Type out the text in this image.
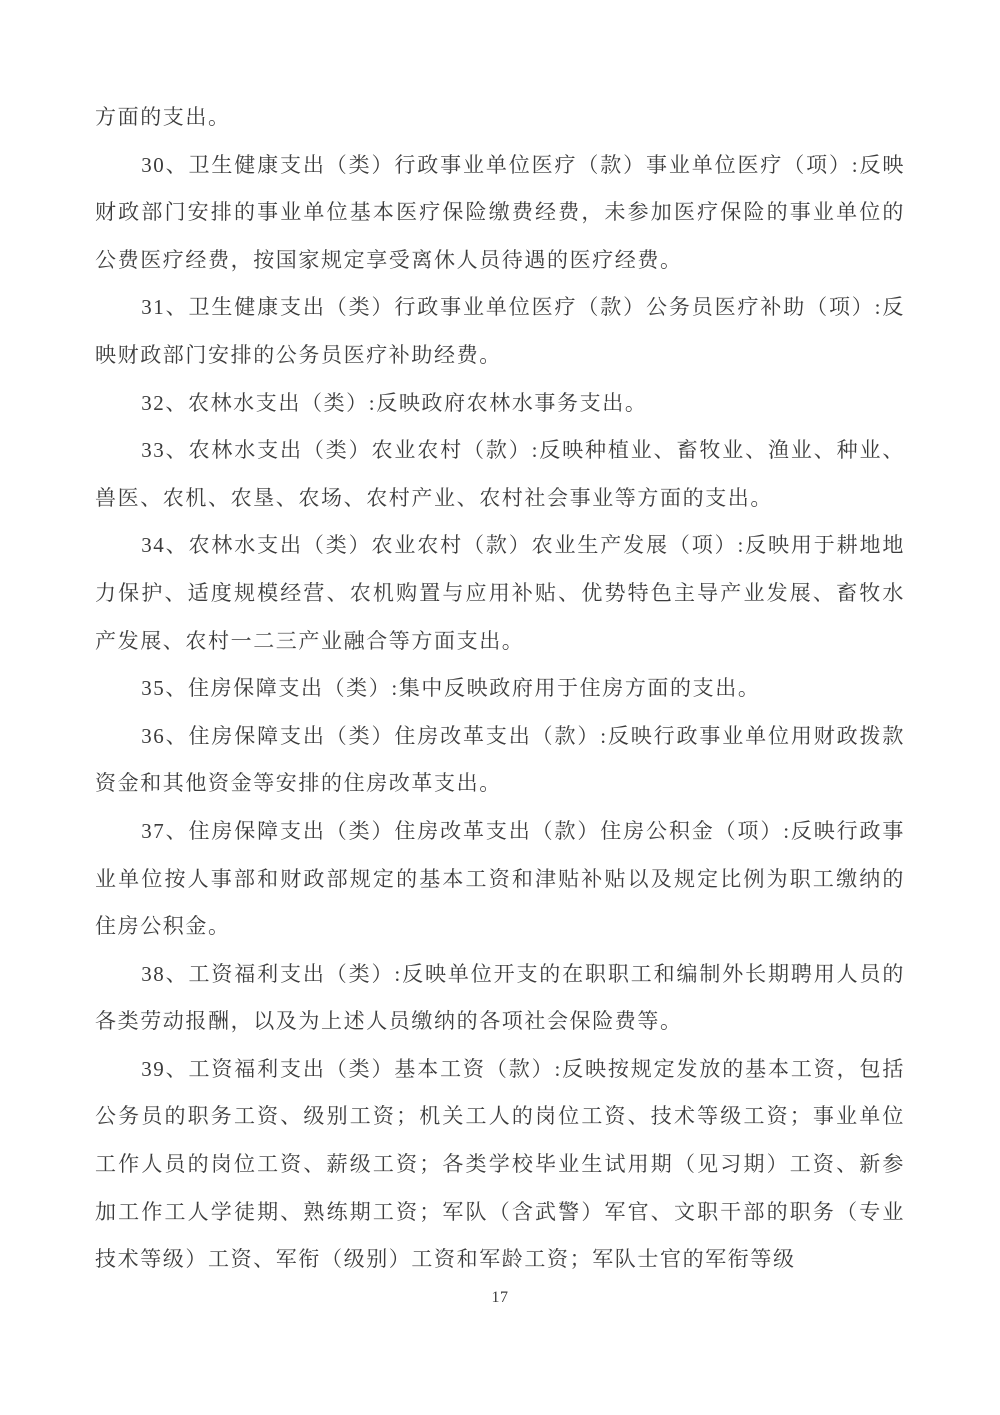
方面的支出。

30、卫生健康支出（类）行政事业单位医疗（款）事业单位医疗（项）:反映财政部门安排的事业单位基本医疗保险缴费经费，未参加医疗保险的事业单位的公费医疗经费，按国家规定享受离休人员待遇的医疗经费。

31、卫生健康支出（类）行政事业单位医疗（款）公务员医疗补助（项）:反映财政部门安排的公务员医疗补助经费。

32、农林水支出（类）:反映政府农林水事务支出。

33、农林水支出（类）农业农村（款）:反映种植业、畜牧业、渔业、种业、兽医、农机、农垦、农场、农村产业、农村社会事业等方面的支出。

34、农林水支出（类）农业农村（款）农业生产发展（项）:反映用于耕地地力保护、适度规模经营、农机购置与应用补贴、优势特色主导产业发展、畜牧水产发展、农村一二三产业融合等方面支出。

35、住房保障支出（类）:集中反映政府用于住房方面的支出。

36、住房保障支出（类）住房改革支出（款）:反映行政事业单位用财政拨款资金和其他资金等安排的住房改革支出。

37、住房保障支出（类）住房改革支出（款）住房公积金（项）:反映行政事业单位按人事部和财政部规定的基本工资和津贴补贴以及规定比例为职工缴纳的住房公积金。

38、工资福利支出（类）:反映单位开支的在职职工和编制外长期聘用人员的各类劳动报酬，以及为上述人员缴纳的各项社会保险费等。

39、工资福利支出（类）基本工资（款）:反映按规定发放的基本工资，包括公务员的职务工资、级别工资；机关工人的岗位工资、技术等级工资；事业单位工作人员的岗位工资、薪级工资；各类学校毕业生试用期（见习期）工资、新参加工作工人学徒期、熟练期工资；军队（含武警）军官、文职干部的职务（专业技术等级）工资、军衔（级别）工资和军龄工资；军队士官的军衔等级

17
